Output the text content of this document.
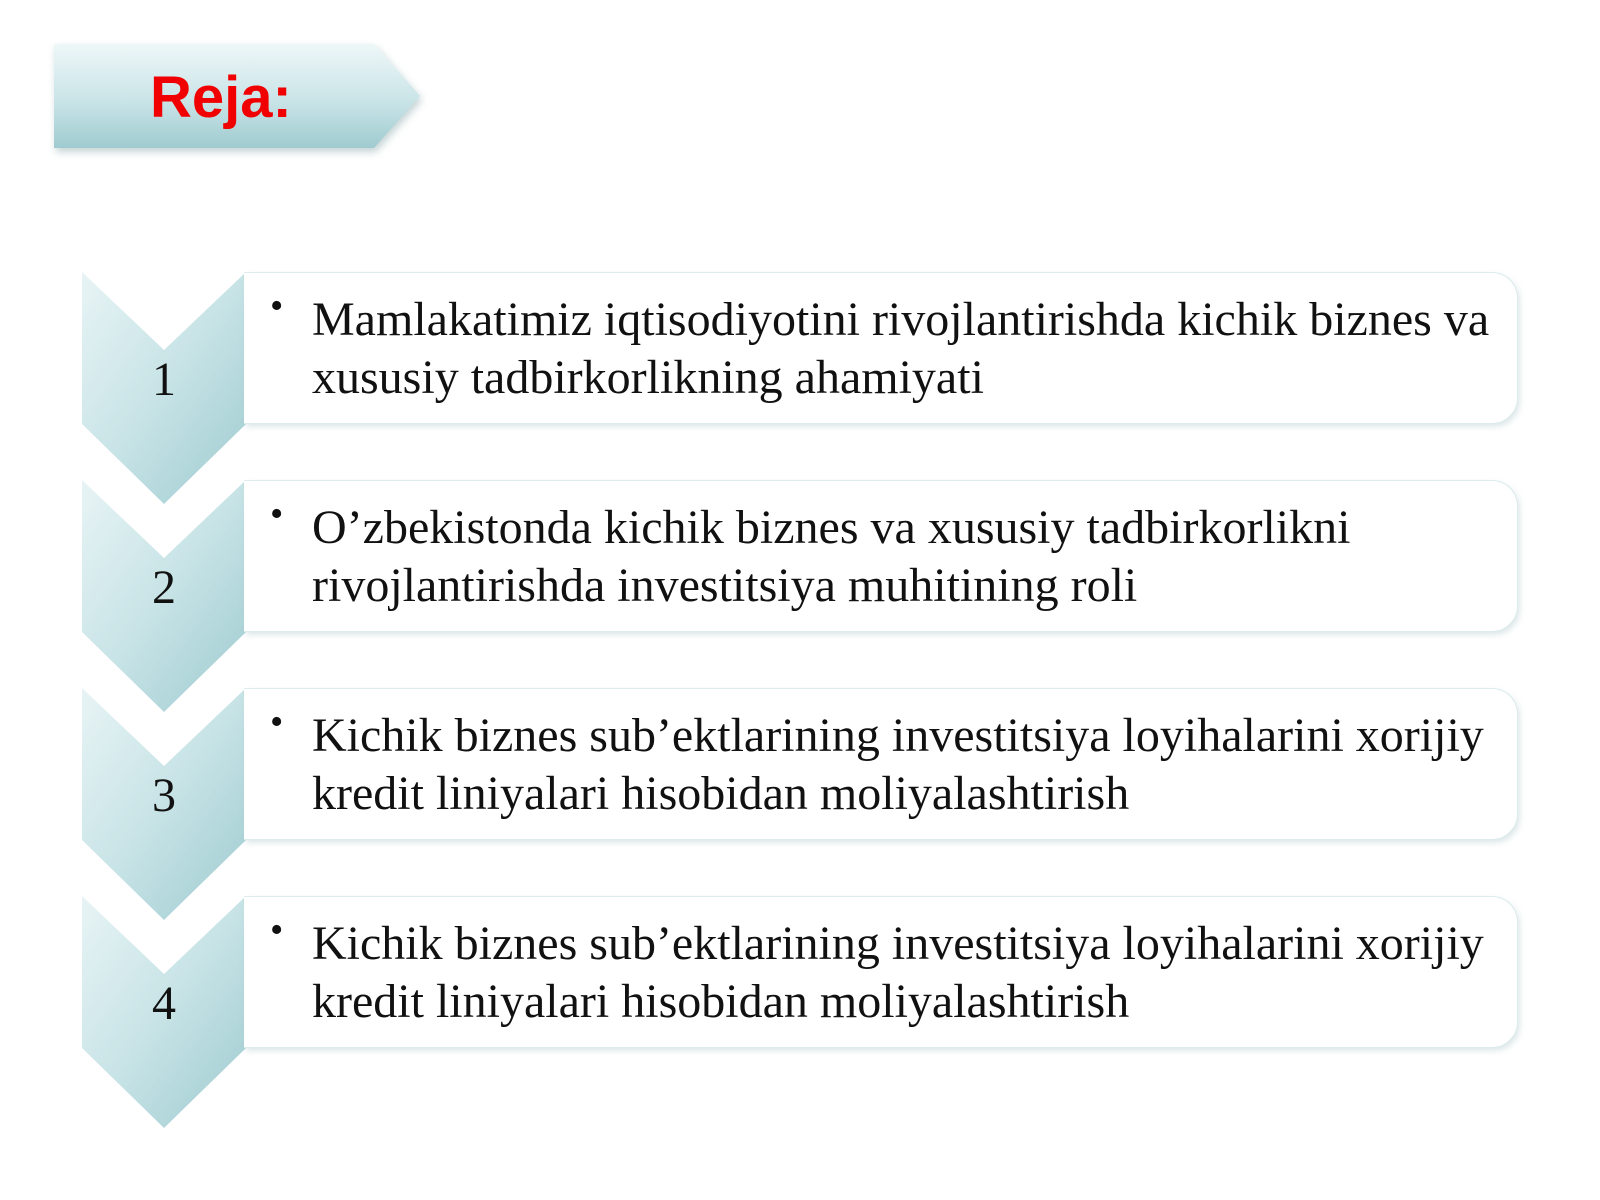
Reja:
1
• Mamlakatimiz iqtisodiyotini rivojlantirishda kichik biznes va xususiy tadbirkorlikning ahamiyati
2
• O’zbekistonda kichik biznes va xususiy tadbirkorlikni rivojlantirishda investitsiya muhitining roli
3
• Kichik biznes sub’ektlarining investitsiya loyihalarini xorijiy kredit liniyalari hisobidan moliyalashtirish
4
• Kichik biznes sub’ektlarining investitsiya loyihalarini xorijiy kredit liniyalari hisobidan moliyalashtirish
